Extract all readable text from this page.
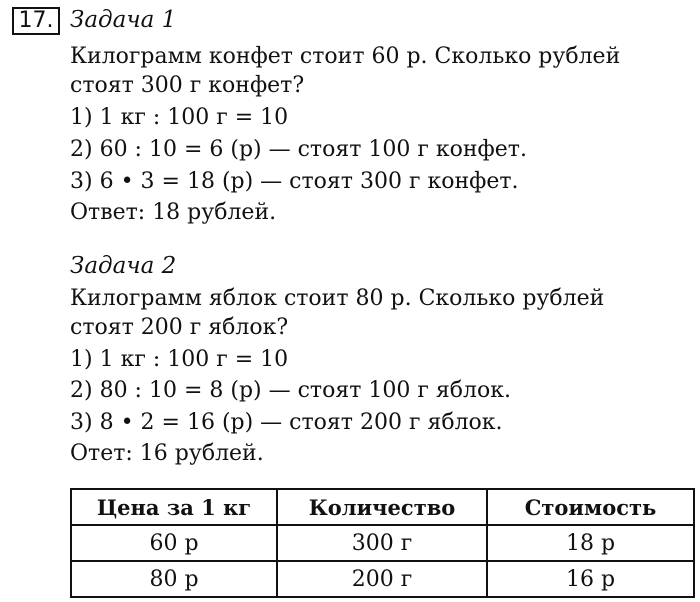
17. Задача 1
Килограмм конфет стоит 60 р. Сколько рублей
стоят 300 г конфет?
1) 1 кг : 100 г = 10
2) 60 : 10 = 6 (р) — стоят 100 г конфет.
3) 6 • 3 = 18 (р) — стоят 300 г конфет.
Ответ: 18 рублей.
Задача 2
Килограмм яблок стоит 80 р. Сколько рублей
стоят 200 г яблок?
1) 1 кг : 100 г = 10
2) 80 : 10 = 8 (р) — стоят 100 г яблок.
3) 8 • 2 = 16 (р) — стоят 200 г яблок.
Отет: 16 рублей.
Цена за 1 кг	Количество	Стоимость
60 р	300 г	18 р
80 р	200 г	16 р
